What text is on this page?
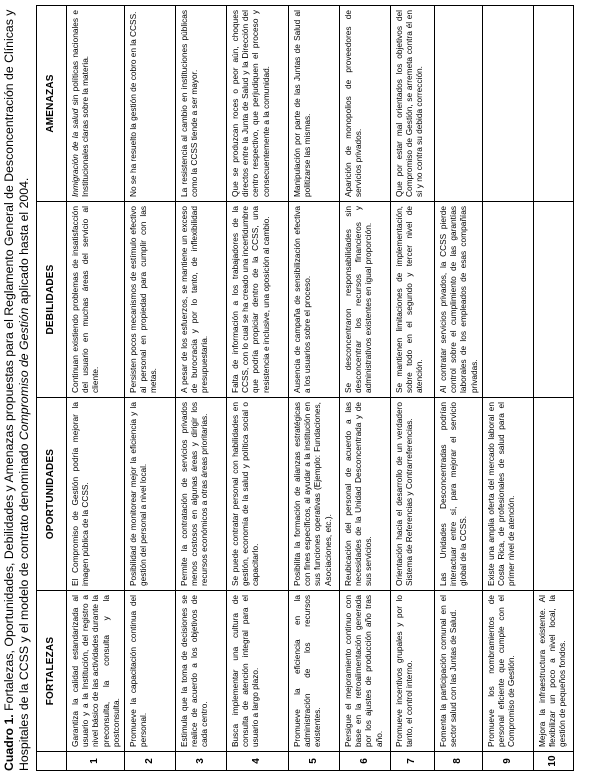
Cuadro 1. Fortalezas, Oportunidades, Debilidades y Amenazas propuestas para el Reglamento General de Desconcentración de Clínicas y Hospitales de la CCSS y el modelo de contrato denominado Compromiso de Gestión aplicado hasta el 2004.
	FORTALEZAS	OPORTUNIDADES	DEBILIDADES	AMENAZAS
1	Garantiza la calidad estandarizada al usuario y a la Institución, del registro a nivel básico de las actividades durante la preconsulta, la consulta y la postconsulta.	El Compromiso de Gestión podría mejorar la imagen pública de la CCSS.	Continuan existiendo problemas de insatisfacción del usuario en muchas áreas del servicio al cliente.	Inmigración de la salud sin políticas nacionales e Institucionales claras sobre la materia.
2	Promueve la capacitación continua del personal.	Posibilidad de monitorear mejor la eficiencia y la gestión del personal a nivel local.	Persisten pocos mecanismos de estímulo efectivo al personal en propiedad para cumplir con las metas.	No se ha resuelto la gestión de cobro en la CCSS.
3	Estimula que la toma de decisiones se realice de acuerdo a los objetivos de cada centro.	Permite la contratación de servicios privados menos costosos en algunas áreas y dirigir los recursos económicos a otras áreas prioritarias.	A pesar de los esfuerzos, se mantiene un exceso de burocracia y por lo tanto, de inflexibilidad presupuestaria.	La resistencia al cambio en instituciones públicas como la CCSS tiende a ser mayor.
4	Busca implementar una cultura de consulta de atención integral para el usuario a largo plazo.	Se puede contratar personal con habilidades en gestión, economía de la salud y política social o capacitarlo.	Falta de información a los trabajadores de la CCSS, con lo cual se ha creado una incertidumbre que podría propiciar dentro de la CCSS, una resistencia e inclusive, una oposición al cambio.	Que se produzcan roces o peor aún, choques directos entre la Junta de Salud y la Dirección del centro respectivo, que perjudiquen el proceso y consecuentemente a la comunidad.
5	Promueve la eficiencia en la administración de los recursos existentes.	Posibilita la formación de alianzas estratégicas con fines específicos, al ayudar a la institución en sus funciones operativas (Ejemplo: Fundaciones, Asociaciones, etc.).	Ausencia de campaña de sensibilización efectiva a los usuarios sobre el proceso.	Manipulación por parte de las Juntas de Salud al politizarse las mismas.
6	Persigue el mejoramiento continuo con base en la retroalimentación generada por los ajustes de producción año tras año.	Reubicación del personal de acuerdo a las necesidades de la Unidad Desconcentrada y de sus servicios.	Se desconcentraron responsabilidades sin desconcentrar los recursos financieros y administrativos existentes en igual proporción.	Aparición de monopolios de proveedores de servicios privados.
7	Promueve incentivos grupales y por lo tanto, el control interno.	Orientación hacia el desarrollo de un verdadero Sistema de Referencias y Contrarreferencias.	Se mantienen limitaciones de implementación, sobre todo en el segundo y tercer nivel de atención.	Que por estar mal orientados los objetivos del Compromiso de Gestión, se arremeta contra él en sí y no contra su debida corrección.
8	Fomenta la participación comunal en el sector salud con las Juntas de Salud.	Las Unidades Desconcentradas podrían interactuar entre sí, para mejorar el servicio global de la CCSS.	Al contratar servicios privados, la CCSS pierde control sobre el cumplimiento de las garantías laborales de los empleados de esas compañías privadas.	
9	Promueve los nombramientos de personal eficiente que cumple con el Compromiso de Gestión.	Existe una amplia oferta del mercado laboral en Costa Rica, de profesionales de salud para el primer nivel de atención.		
10	Mejora la infraestructura existente. Al flexibilizar un poco a nivel local, la gestión de pequeños fondos.			
